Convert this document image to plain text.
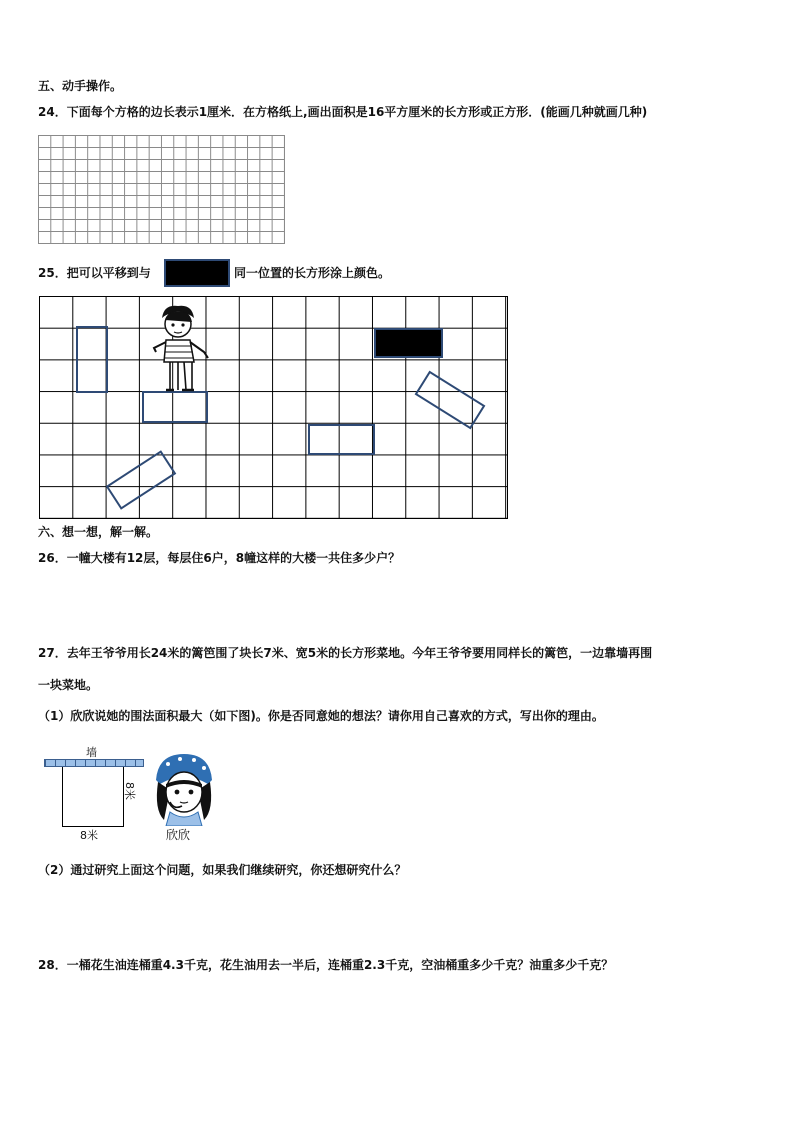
五、动手操作。
24．下面每个方格的边长表示1厘米．在方格纸上,画出面积是16平方厘米的长方形或正方形．(能画几种就画几种)
25．把可以平移到与	同一位置的长方形涂上颜色。
六、想一想，解一解。
26．一幢大楼有12层，每层住6户，8幢这样的大楼一共住多少户？
27．去年王爷爷用长24米的篱笆围了块长7米、宽5米的长方形菜地。今年王爷爷要用同样长的篱笆，一边靠墙再围
一块菜地。
（1）欣欣说她的围法面积最大（如下图)。你是否同意她的想法？请你用自己喜欢的方式，写出你的理由。
墙
8米
8米	欣欣
（2）通过研究上面这个问题，如果我们继续研究，你还想研究什么？
28．一桶花生油连桶重4.3千克，花生油用去一半后，连桶重2.3千克，空油桶重多少千克？油重多少千克？
